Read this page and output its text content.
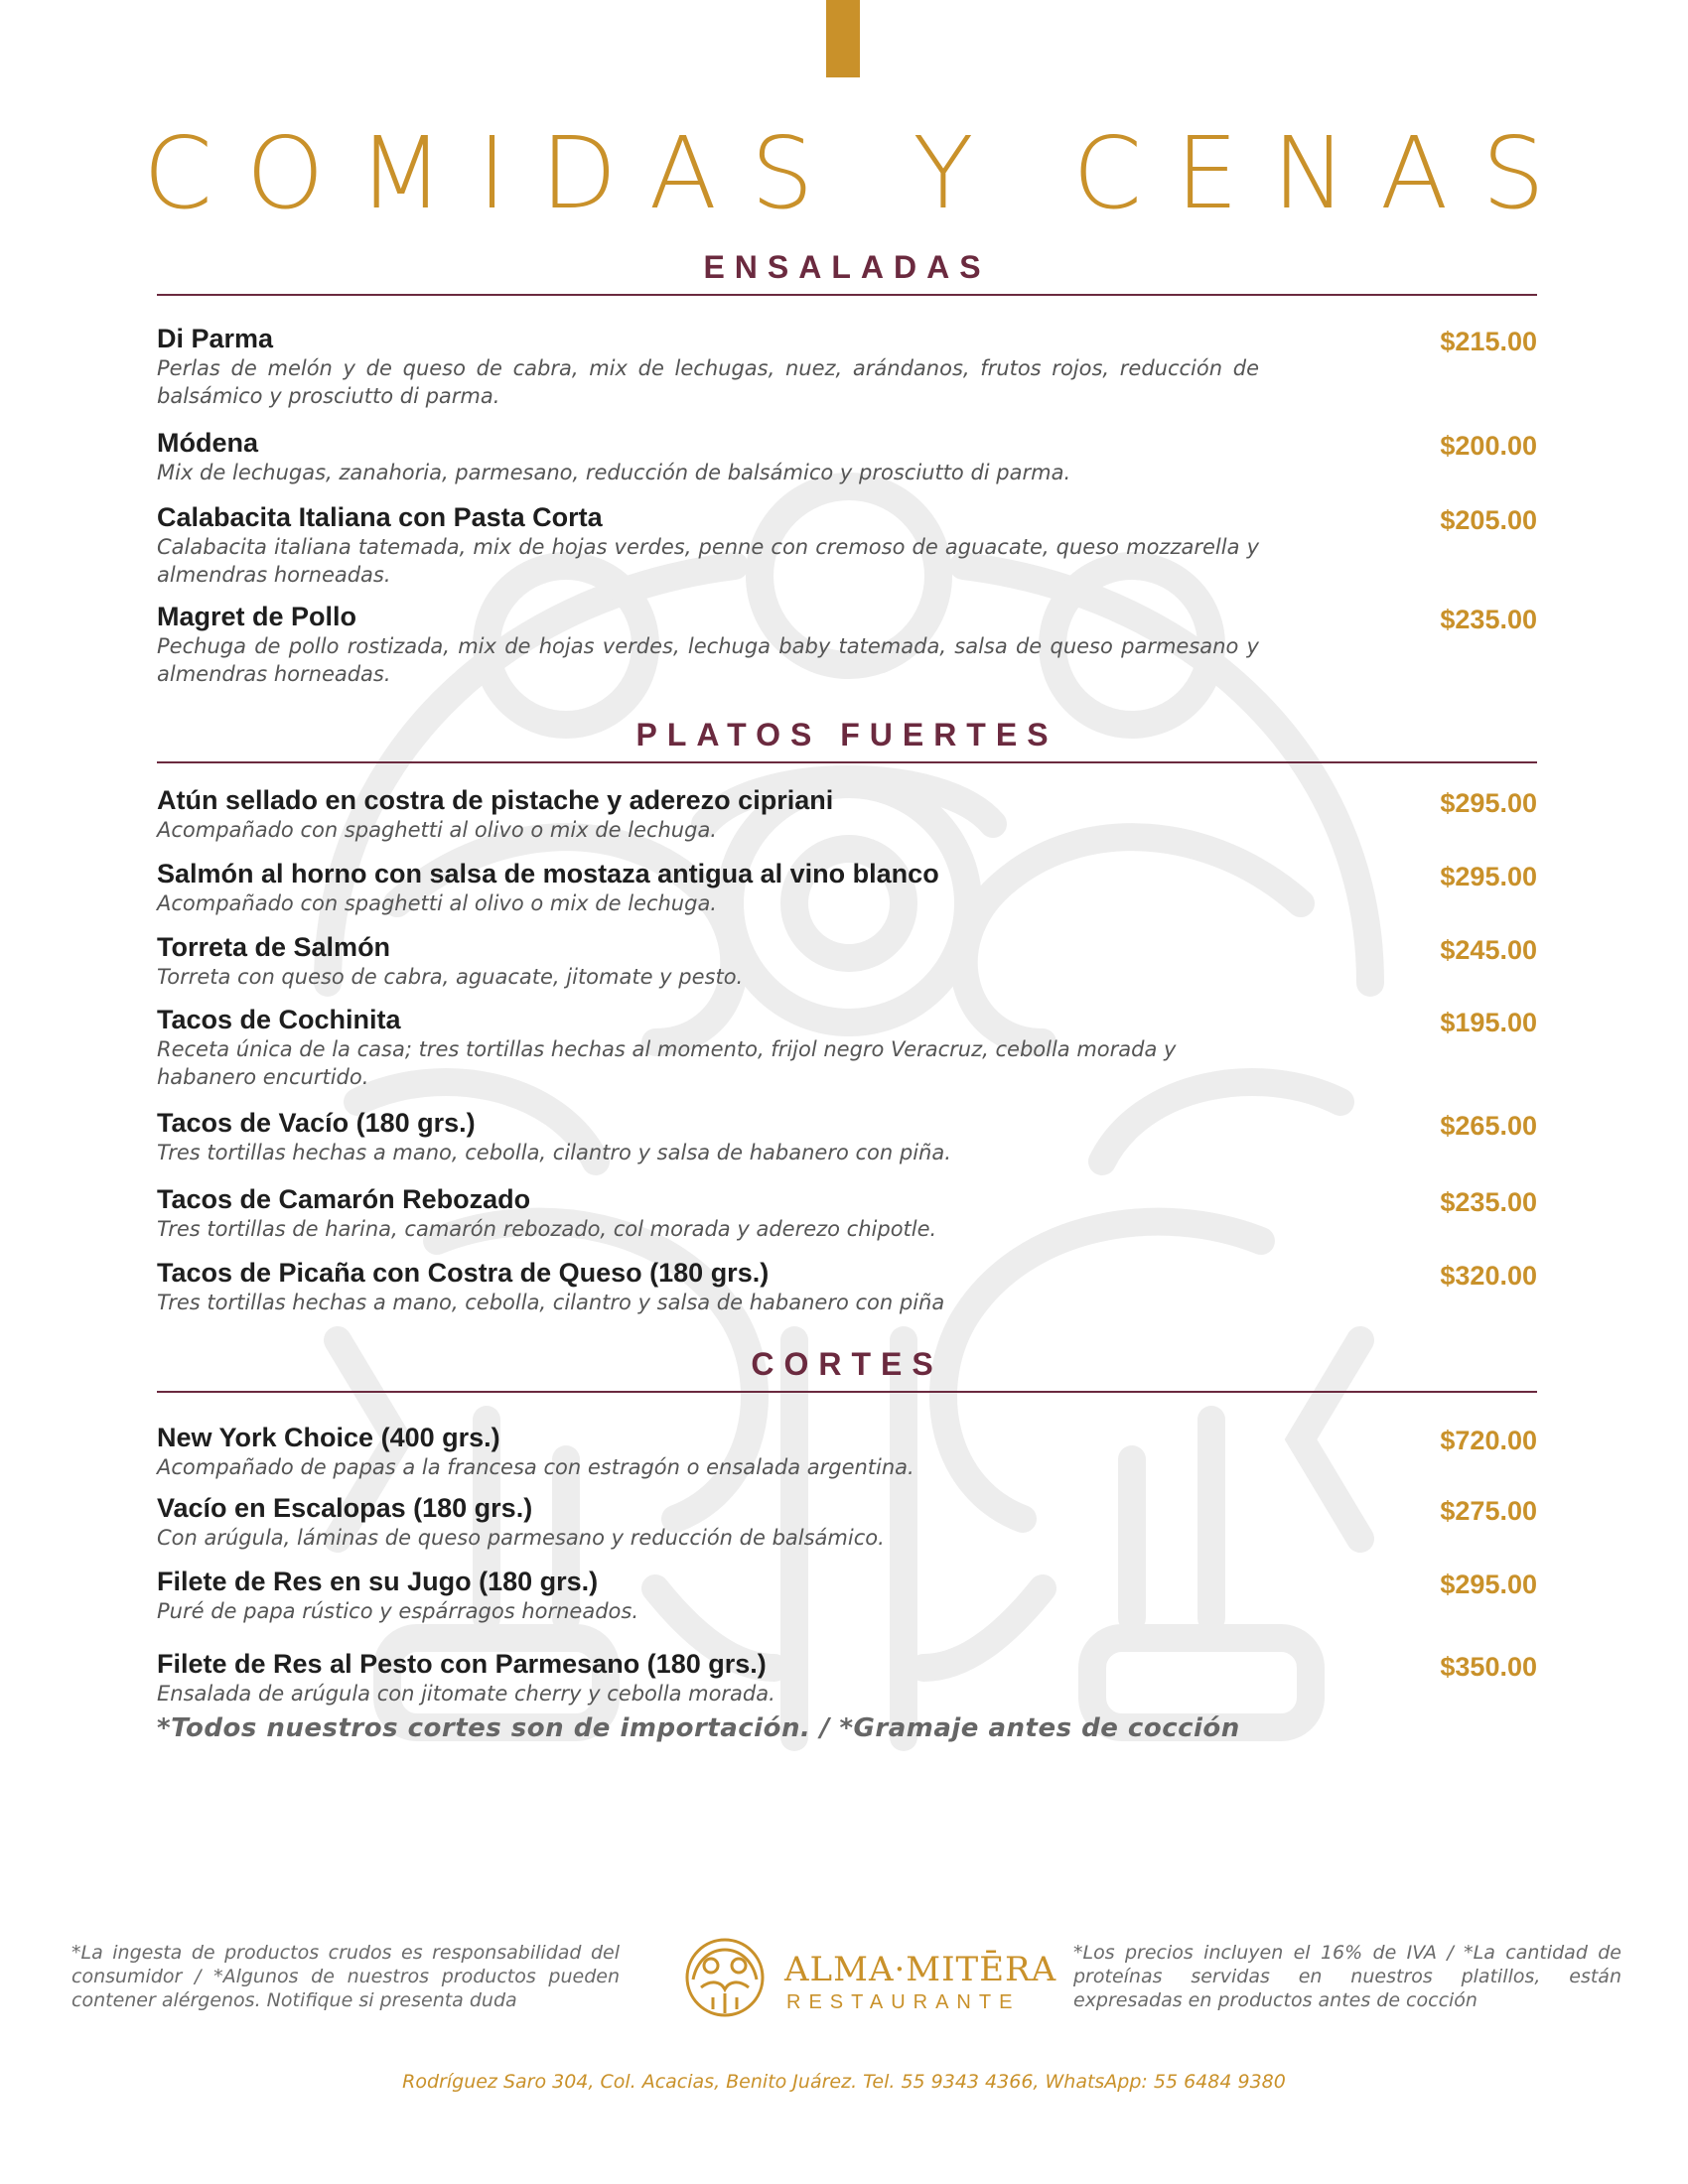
COMIDAS Y CENAS
ENSALADAS
Di Parma
Perlas de melón y de queso de cabra, mix de lechugas, nuez, arándanos, frutos rojos, reducción de balsámico y prosciutto di parma.
$215.00
Módena
Mix de lechugas, zanahoria, parmesano, reducción de balsámico y prosciutto di parma.
$200.00
Calabacita Italiana con Pasta Corta
Calabacita italiana tatemada, mix de hojas verdes, penne con cremoso de aguacate, queso mozzarella y almendras horneadas.
$205.00
Magret de Pollo
Pechuga de pollo rostizada, mix de hojas verdes, lechuga baby tatemada, salsa de queso parmesano y almendras horneadas.
$235.00
PLATOS FUERTES
Atún sellado en costra de pistache y aderezo cipriani
Acompañado con spaghetti al olivo o mix de lechuga.
$295.00
Salmón al horno con salsa de mostaza antigua al vino blanco
Acompañado con spaghetti al olivo o mix de lechuga.
$295.00
Torreta de Salmón
Torreta con queso de cabra, aguacate, jitomate y pesto.
$245.00
Tacos de Cochinita
Receta única de la casa; tres tortillas hechas al momento, frijol negro Veracruz, cebolla morada y habanero encurtido.
$195.00
Tacos de Vacío (180 grs.)
Tres tortillas hechas a mano, cebolla, cilantro y salsa de habanero con piña.
$265.00
Tacos de Camarón Rebozado
Tres tortillas de harina, camarón rebozado, col morada y aderezo chipotle.
$235.00
Tacos de Picaña con Costra de Queso (180 grs.)
Tres tortillas hechas a mano, cebolla, cilantro y salsa de habanero con piña
$320.00
CORTES
New York Choice (400 grs.)
Acompañado de papas a la francesa con estragón o ensalada argentina.
$720.00
Vacío en Escalopas (180 grs.)
Con arúgula, láminas de queso parmesano y reducción de balsámico.
$275.00
Filete de Res en su Jugo (180 grs.)
Puré de papa rústico y espárragos horneados.
$295.00
Filete de Res al Pesto con Parmesano (180 grs.)
Ensalada de arúgula con jitomate cherry y cebolla morada.
$350.00
*Todos nuestros cortes son de importación. / *Gramaje antes de cocción
*La ingesta de productos crudos es responsabilidad del consumidor / *Algunos de nuestros productos pueden contener alérgenos. Notifique si presenta duda
ALMA·MITĒRA
RESTAURANTE
*Los precios incluyen el 16% de IVA / *La cantidad de proteínas servidas en nuestros platillos, están expresadas en productos antes de cocción
Rodríguez Saro 304, Col. Acacias, Benito Juárez. Tel. 55 9343 4366, WhatsApp: 55 6484 9380
